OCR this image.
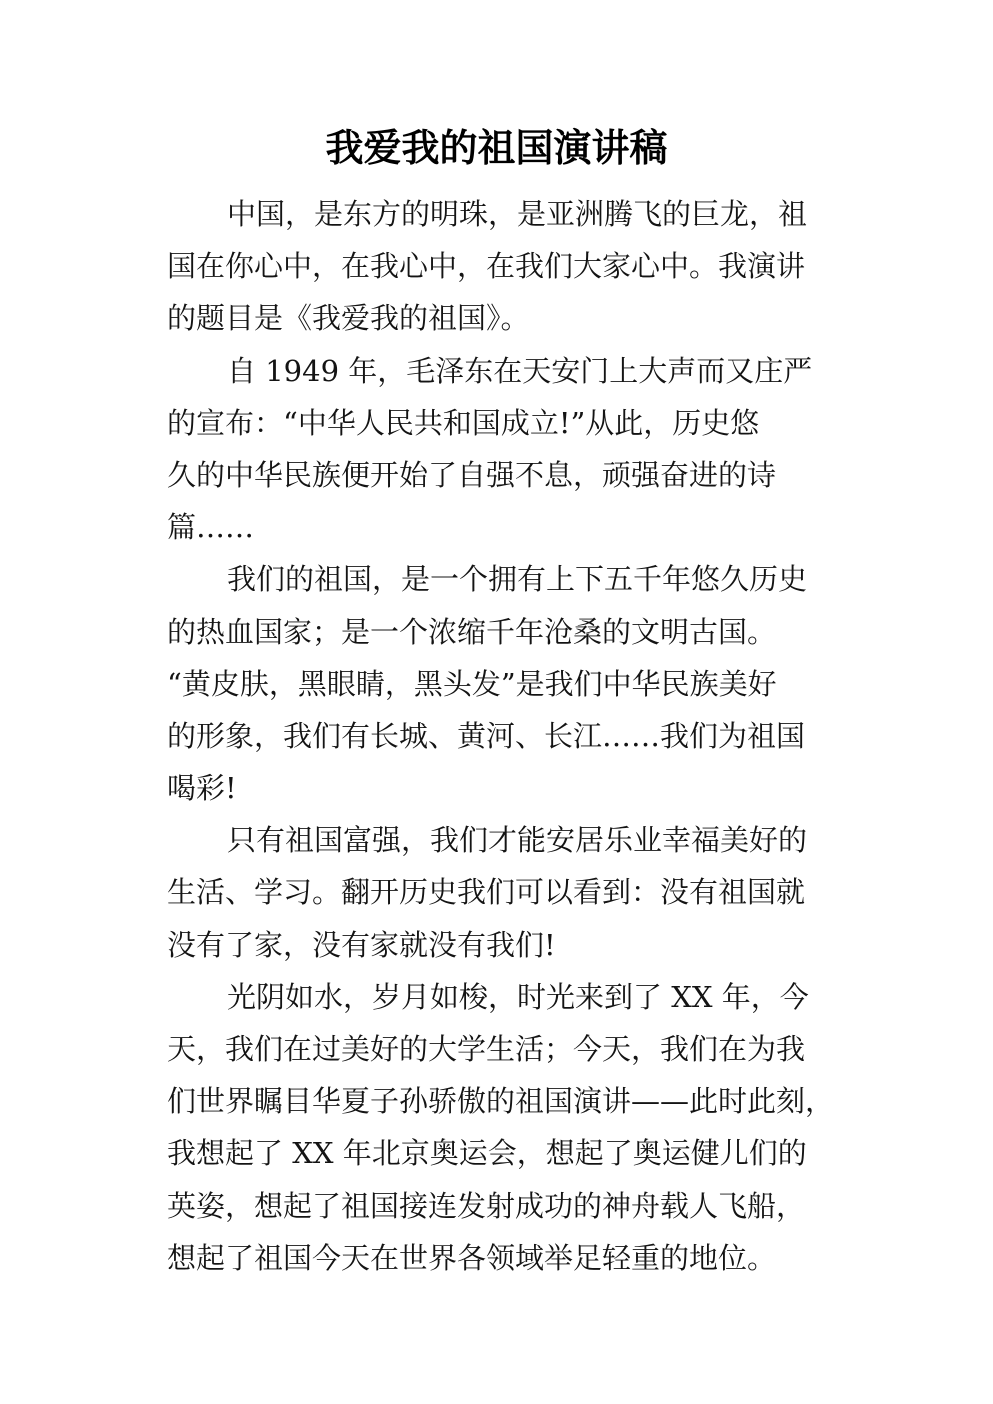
我爱我的祖国演讲稿
中国，是东方的明珠，是亚洲腾飞的巨龙，祖
国在你心中，在我心中，在我们大家心中。我演讲
的题目是《我爱我的祖国》。
自 1949 年，毛泽东在天安门上大声而又庄严
的宣布：“中华人民共和国成立!”从此，历史悠
久的中华民族便开始了自强不息，顽强奋进的诗
篇……
我们的祖国，是一个拥有上下五千年悠久历史
的热血国家；是一个浓缩千年沧桑的文明古国。
“黄皮肤，黑眼睛，黑头发”是我们中华民族美好
的形象，我们有长城、黄河、长江……我们为祖国
喝彩!
只有祖国富强，我们才能安居乐业幸福美好的
生活、学习。翻开历史我们可以看到：没有祖国就
没有了家，没有家就没有我们!
光阴如水，岁月如梭，时光来到了 XX 年，今
天，我们在过美好的大学生活；今天，我们在为我
们世界瞩目华夏子孙骄傲的祖国演讲——此时此刻，
我想起了 XX 年北京奥运会，想起了奥运健儿们的
英姿，想起了祖国接连发射成功的神舟载人飞船，
想起了祖国今天在世界各领域举足轻重的地位。
